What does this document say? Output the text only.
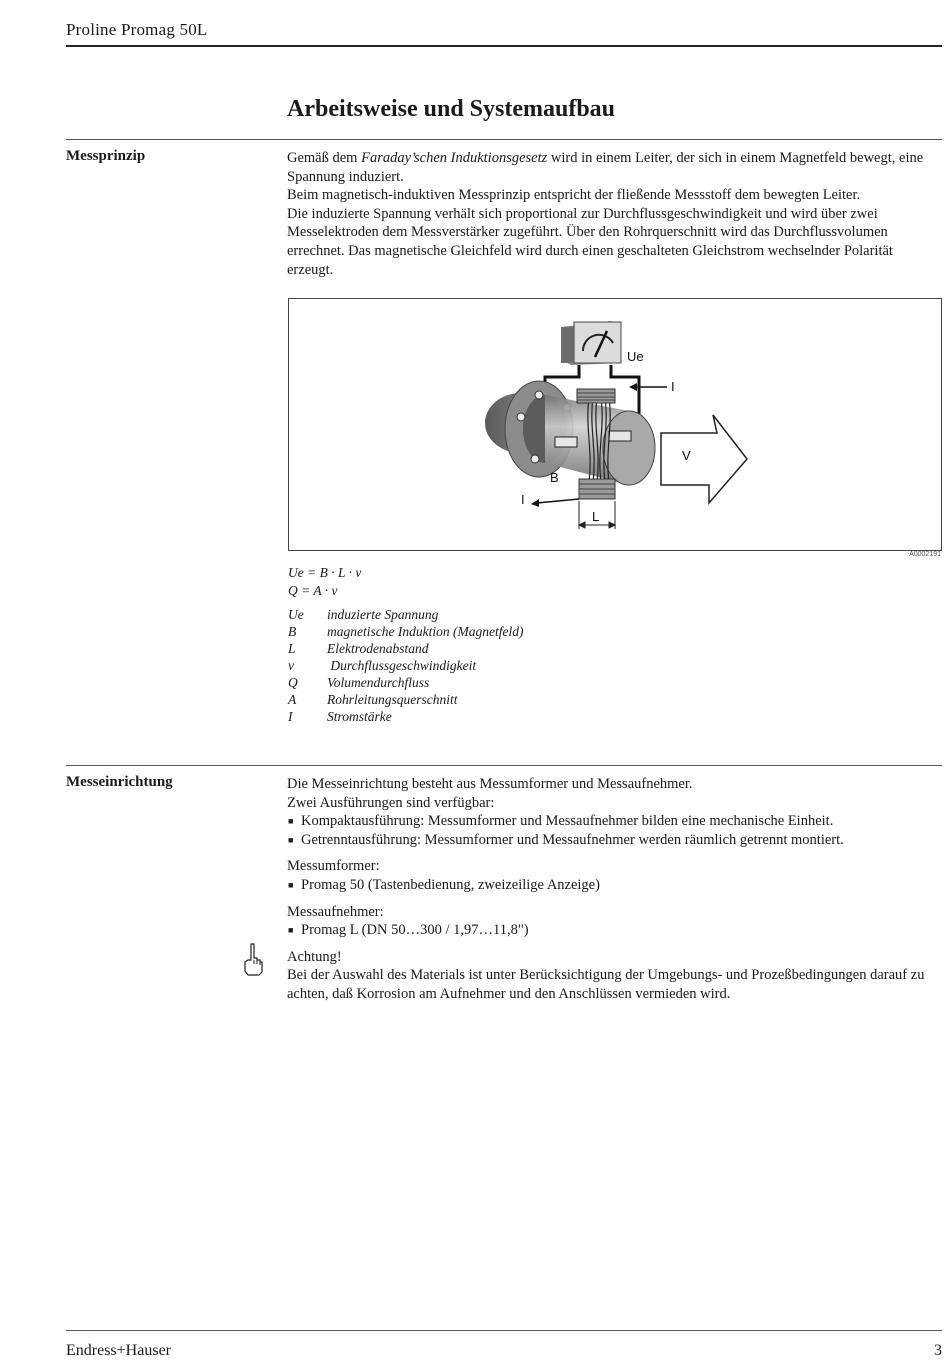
Proline Promag 50L
Arbeitsweise und Systemaufbau
Messprinzip	Gemäß dem Faraday’schen Induktionsgesetz wird in einem Leiter, der sich in einem Magnetfeld bewegt, eine Spannung induziert.

Beim magnetisch-induktiven Messprinzip entspricht der fließende Messstoff dem bewegten Leiter.

Die induzierte Spannung verhält sich proportional zur Durchflussgeschwindigkeit und wird über zwei Messelektroden dem Messverstärker zugeführt. Über den Rohrquerschnitt wird das Durchflussvolumen errechnet. Das magnetische Gleichfeld wird durch einen geschalteten Gleichstrom wechselnder Polarität erzeugt.

Ue
I
V
B
I
L
A0002191
Ue = B · L · v
Q = A · v
Ue	induzierte Spannung
B	magnetische Induktion (Magnetfeld)
L	Elektrodenabstand
v	Durchflussgeschwindigkeit
Q	Volumendurchfluss
A	Rohrleitungsquerschnitt
I	Stromstärke
Messeinrichtung	Die Messeinrichtung besteht aus Messumformer und Messaufnehmer.

Zwei Ausführungen sind verfügbar:

■ Kompaktausführung: Messumformer und Messaufnehmer bilden eine mechanische Einheit.
■ Getrenntausführung: Messumformer und Messaufnehmer werden räumlich getrennt montiert.

Messumformer:

■ Promag 50 (Tastenbedienung, zweizeilige Anzeige)

Messaufnehmer:

■ Promag L (DN 50…300 / 1,97…11,8")

Achtung!

Bei der Auswahl des Materials ist unter Berücksichtigung der Umgebungs- und Prozeßbedingungen darauf zu achten, daß Korrosion am Aufnehmer und den Anschlüssen vermieden wird.

Endress+Hauser	3
